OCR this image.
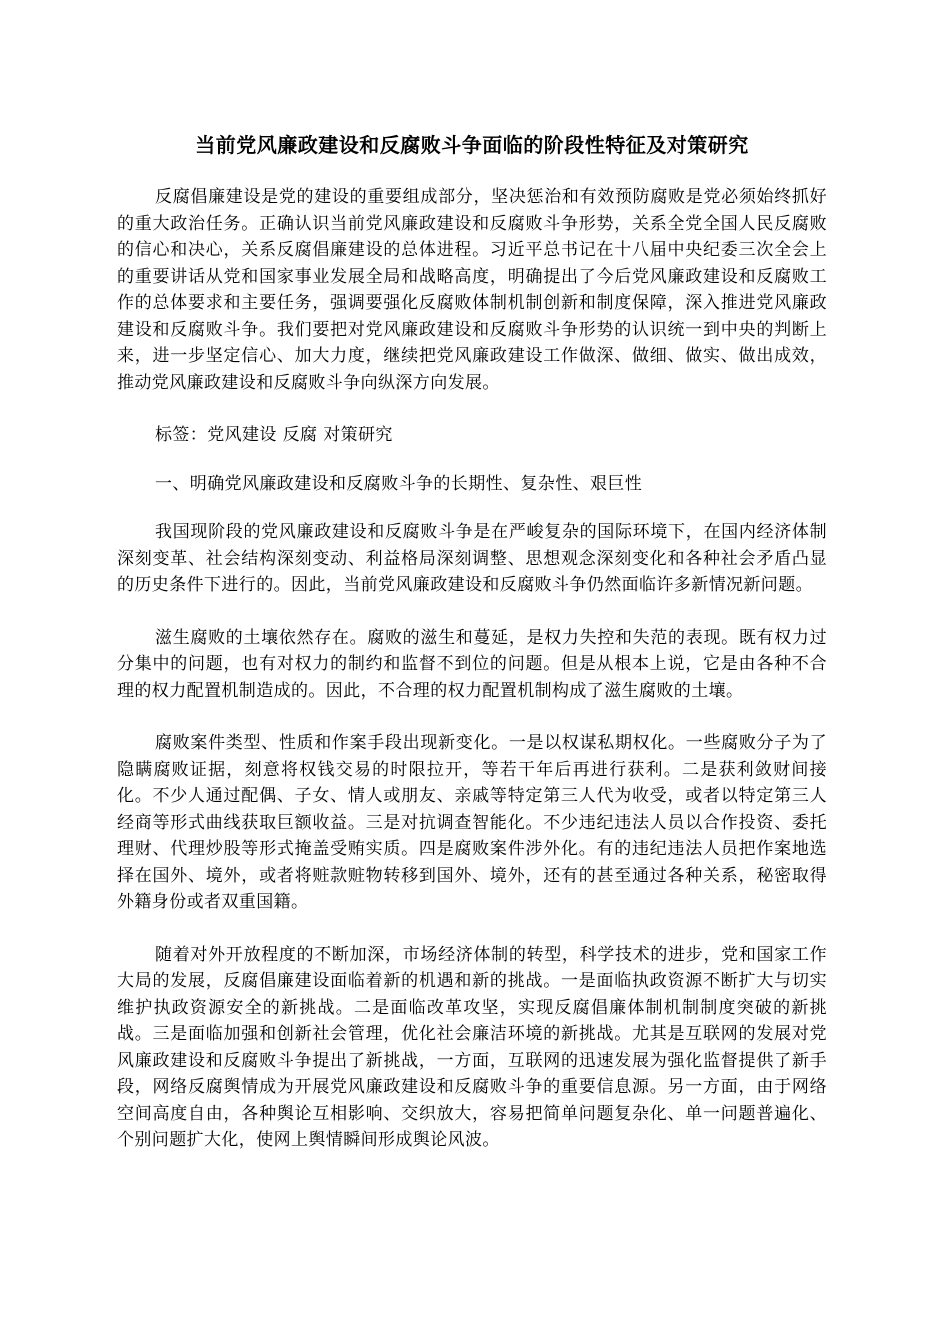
当前党风廉政建设和反腐败斗争面临的阶段性特征及对策研究

反腐倡廉建设是党的建设的重要组成部分，坚决惩治和有效预防腐败是党必须始终抓好的重大政治任务。正确认识当前党风廉政建设和反腐败斗争形势，关系全党全国人民反腐败的信心和决心，关系反腐倡廉建设的总体进程。习近平总书记在十八届中央纪委三次全会上的重要讲话从党和国家事业发展全局和战略高度，明确提出了今后党风廉政建设和反腐败工作的总体要求和主要任务，强调要强化反腐败体制机制创新和制度保障，深入推进党风廉政建设和反腐败斗争。我们要把对党风廉政建设和反腐败斗争形势的认识统一到中央的判断上来，进一步坚定信心、加大力度，继续把党风廉政建设工作做深、做细、做实、做出成效，推动党风廉政建设和反腐败斗争向纵深方向发展。

标签：党风建设 反腐 对策研究

一、明确党风廉政建设和反腐败斗争的长期性、复杂性、艰巨性

我国现阶段的党风廉政建设和反腐败斗争是在严峻复杂的国际环境下，在国内经济体制深刻变革、社会结构深刻变动、利益格局深刻调整、思想观念深刻变化和各种社会矛盾凸显的历史条件下进行的。因此，当前党风廉政建设和反腐败斗争仍然面临许多新情况新问题。

滋生腐败的土壤依然存在。腐败的滋生和蔓延，是权力失控和失范的表现。既有权力过分集中的问题，也有对权力的制约和监督不到位的问题。但是从根本上说，它是由各种不合理的权力配置机制造成的。因此，不合理的权力配置机制构成了滋生腐败的土壤。

腐败案件类型、性质和作案手段出现新变化。一是以权谋私期权化。一些腐败分子为了隐瞒腐败证据，刻意将权钱交易的时限拉开，等若干年后再进行获利。二是获利敛财间接化。不少人通过配偶、子女、情人或朋友、亲戚等特定第三人代为收受，或者以特定第三人经商等形式曲线获取巨额收益。三是对抗调查智能化。不少违纪违法人员以合作投资、委托理财、代理炒股等形式掩盖受贿实质。四是腐败案件涉外化。有的违纪违法人员把作案地选择在国外、境外，或者将赃款赃物转移到国外、境外，还有的甚至通过各种关系，秘密取得外籍身份或者双重国籍。

随着对外开放程度的不断加深，市场经济体制的转型，科学技术的进步，党和国家工作大局的发展，反腐倡廉建设面临着新的机遇和新的挑战。一是面临执政资源不断扩大与切实维护执政资源安全的新挑战。二是面临改革攻坚，实现反腐倡廉体制机制制度突破的新挑战。三是面临加强和创新社会管理，优化社会廉洁环境的新挑战。尤其是互联网的发展对党风廉政建设和反腐败斗争提出了新挑战，一方面，互联网的迅速发展为强化监督提供了新手段，网络反腐舆情成为开展党风廉政建设和反腐败斗争的重要信息源。另一方面，由于网络空间高度自由，各种舆论互相影响、交织放大，容易把简单问题复杂化、单一问题普遍化、个别问题扩大化，使网上舆情瞬间形成舆论风波。
